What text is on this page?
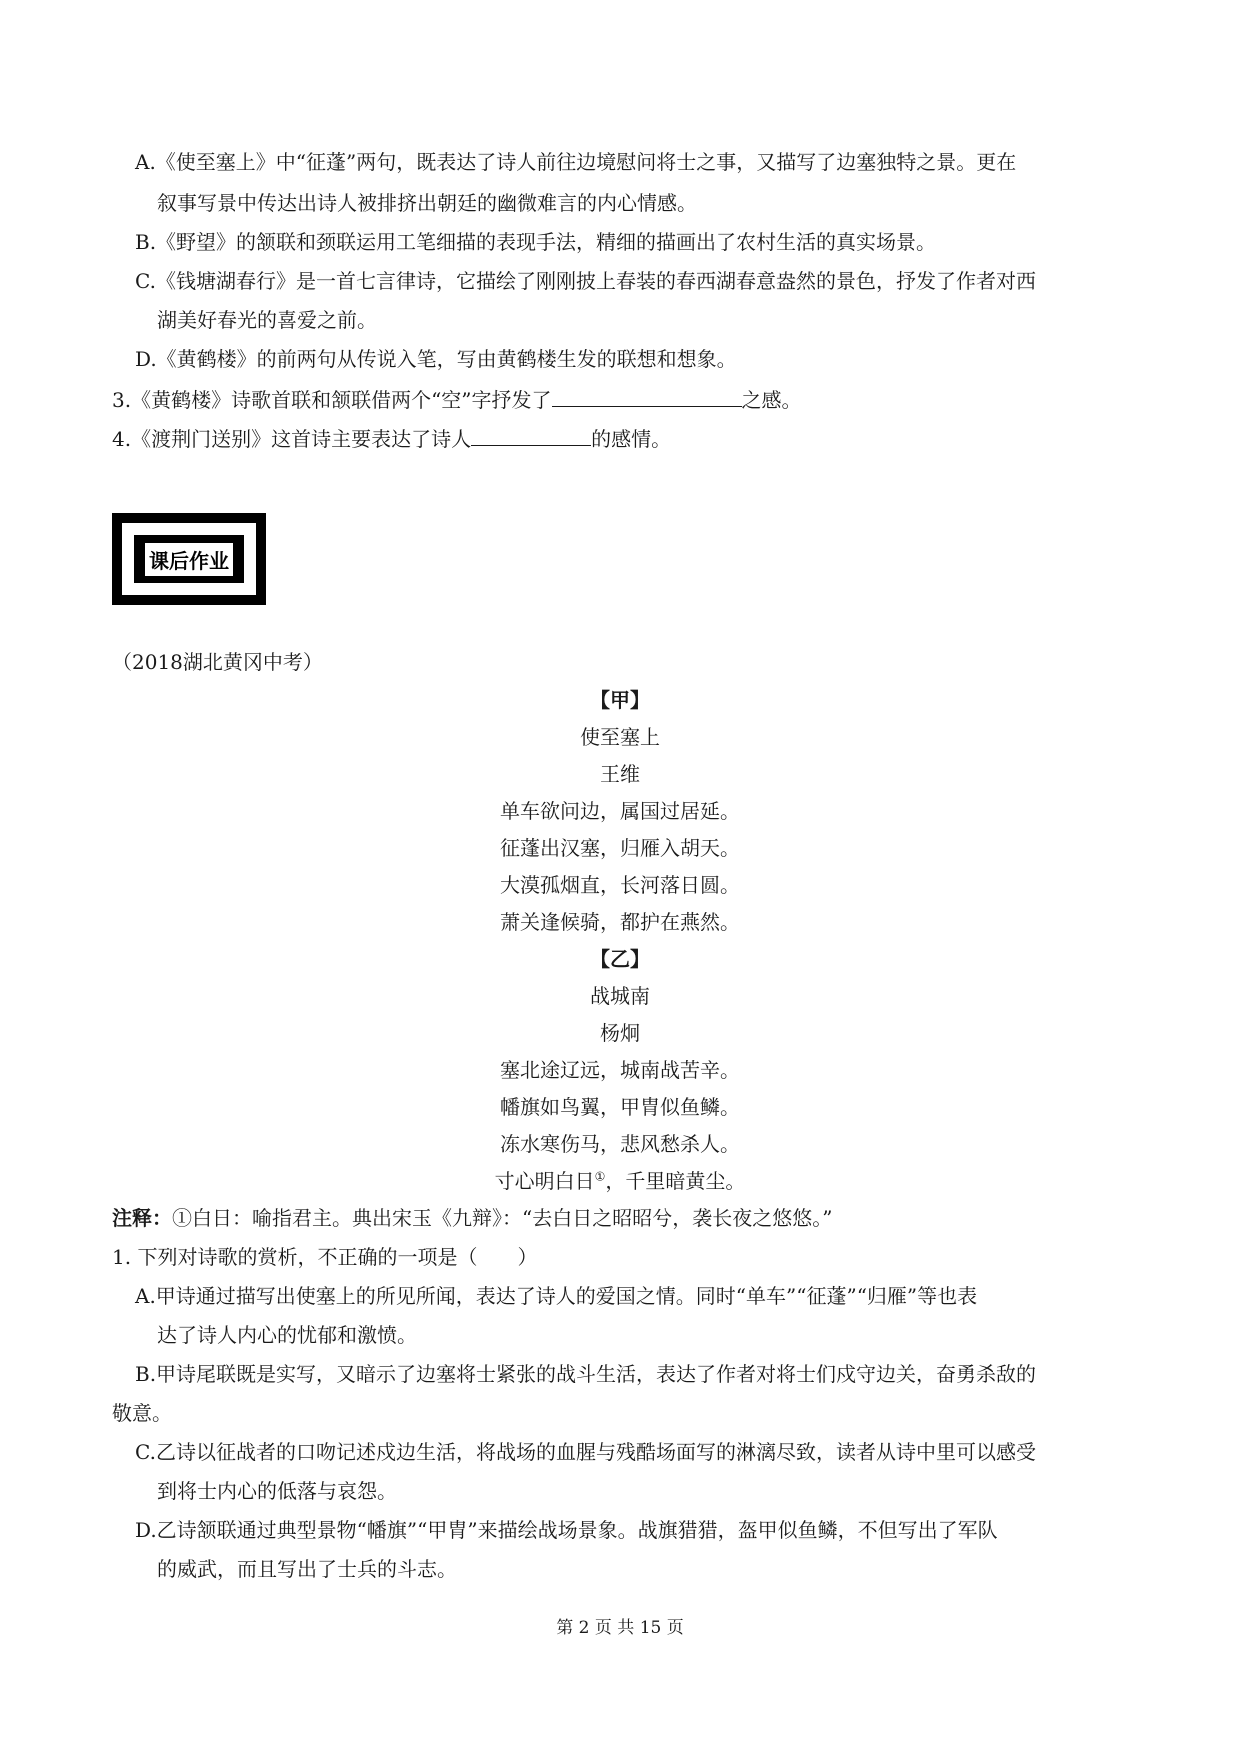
A.《使至塞上》中“征蓬”两句，既表达了诗人前往边境慰问将士之事，又描写了边塞独特之景。更在
叙事写景中传达出诗人被排挤出朝廷的幽微难言的内心情感。
B.《野望》的颔联和颈联运用工笔细描的表现手法，精细的描画出了农村生活的真实场景。
C.《钱塘湖春行》是一首七言律诗，它描绘了刚刚披上春装的春西湖春意盎然的景色，抒发了作者对西
湖美好春光的喜爱之前。
D.《黄鹤楼》的前两句从传说入笔，写由黄鹤楼生发的联想和想象。
3.《黄鹤楼》诗歌首联和颔联借两个“空”字抒发了	之感。
4.《渡荆门送别》这首诗主要表达了诗人	的感情。
课后作业
（2018湖北黄冈中考）
【甲】
使至塞上
王维
单车欲问边，属国过居延。
征蓬出汉塞，归雁入胡天。
大漠孤烟直，长河落日圆。
萧关逢候骑，都护在燕然。
【乙】
战城南
杨炯
塞北途辽远，城南战苦辛。
幡旗如鸟翼，甲胄似鱼鳞。
冻水寒伤马，悲风愁杀人。
寸心明白日①，千里暗黄尘。
注释：①白日：喻指君主。典出宋玉《九辩》：“去白日之昭昭兮，袭长夜之悠悠。”
1. 下列对诗歌的赏析，不正确的一项是（　　）
A.甲诗通过描写出使塞上的所见所闻，表达了诗人的爱国之情。同时“单车”“征蓬”“归雁”等也表
达了诗人内心的忧郁和激愤。
B.甲诗尾联既是实写，又暗示了边塞将士紧张的战斗生活，表达了作者对将士们戍守边关，奋勇杀敌的
敬意。
C.乙诗以征战者的口吻记述戍边生活，将战场的血腥与残酷场面写的淋漓尽致，读者从诗中里可以感受
到将士内心的低落与哀怨。
D.乙诗颔联通过典型景物“幡旗”“甲胄”来描绘战场景象。战旗猎猎，盔甲似鱼鳞，不但写出了军队
的威武，而且写出了士兵的斗志。
第 2 页 共 15 页
